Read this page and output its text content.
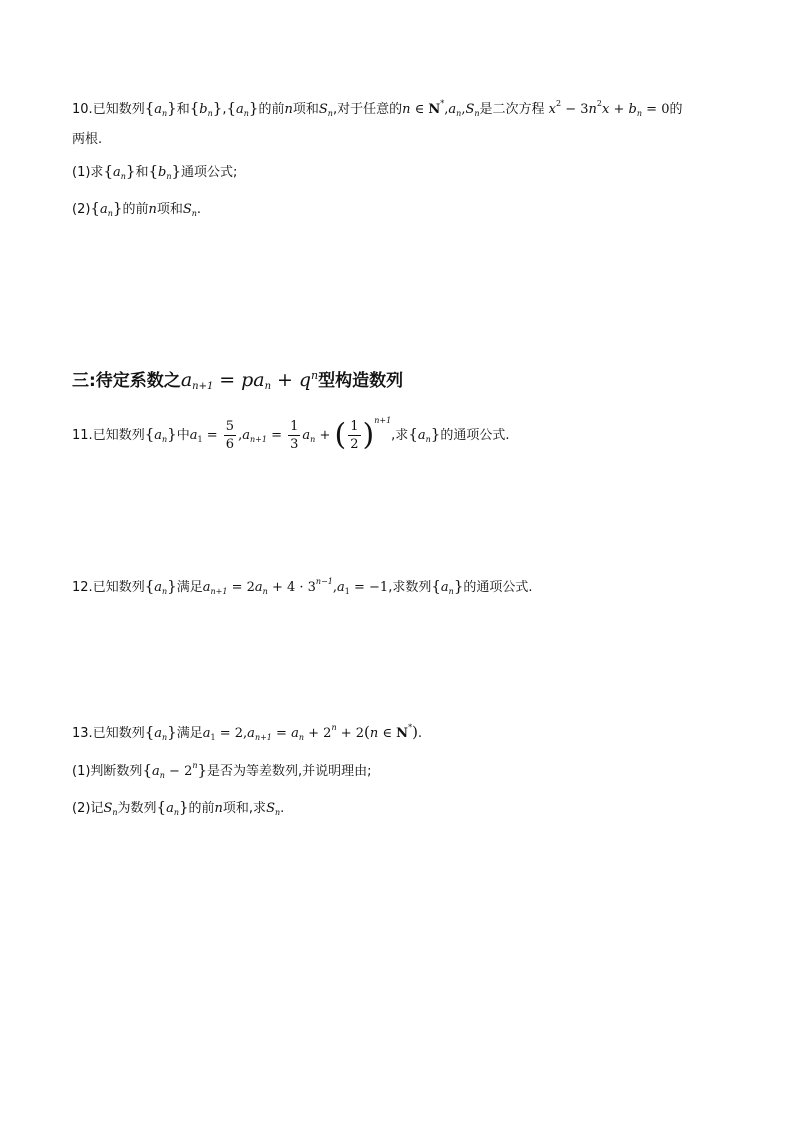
10.已知数列$\{a_n\}$和$\{b_n\},\{a_n\}$的前n项和$S_n$,对于任意的n ∈ $N^*,a_n,S_n$是二次方程 $x^2 - 3n^2x + b_n = 0$的
两根.
(1)求$\{a_n\}$和$\{b_n\}$通项公式;
$(2)\{a_n\}$的前n项和$S_n$.
三:待定系数之$a_{n+1} = pa_n + q^n$型构造数列
11.已知数列$\{a_n\}$中$a_1 = \frac{5}{6} ,a_{n+1} = \frac{1}{3} a_n$ + ( $\frac{1}{2} )^{n+1}$,求$\{a_n\}$的通项公式.
12.已知数列$\{a_n\}$满足$a_{n+1} = 2a_n + 4 \cdot 3^{n-1},a_1 = -1$,求数列$\{a_n\}$的通项公式.
13.已知数列$\{a_n\}$满足$a_1 = 2,a_{n+1} = a_n + 2^n + 2(n$ ∈ N*).
(1)判断数列$\{a_n - 2^n\}$是否为等差数列,并说明理由;
(2)记$S_n$为数列$\{a_n\}$的前n项和,求$S_n$.
